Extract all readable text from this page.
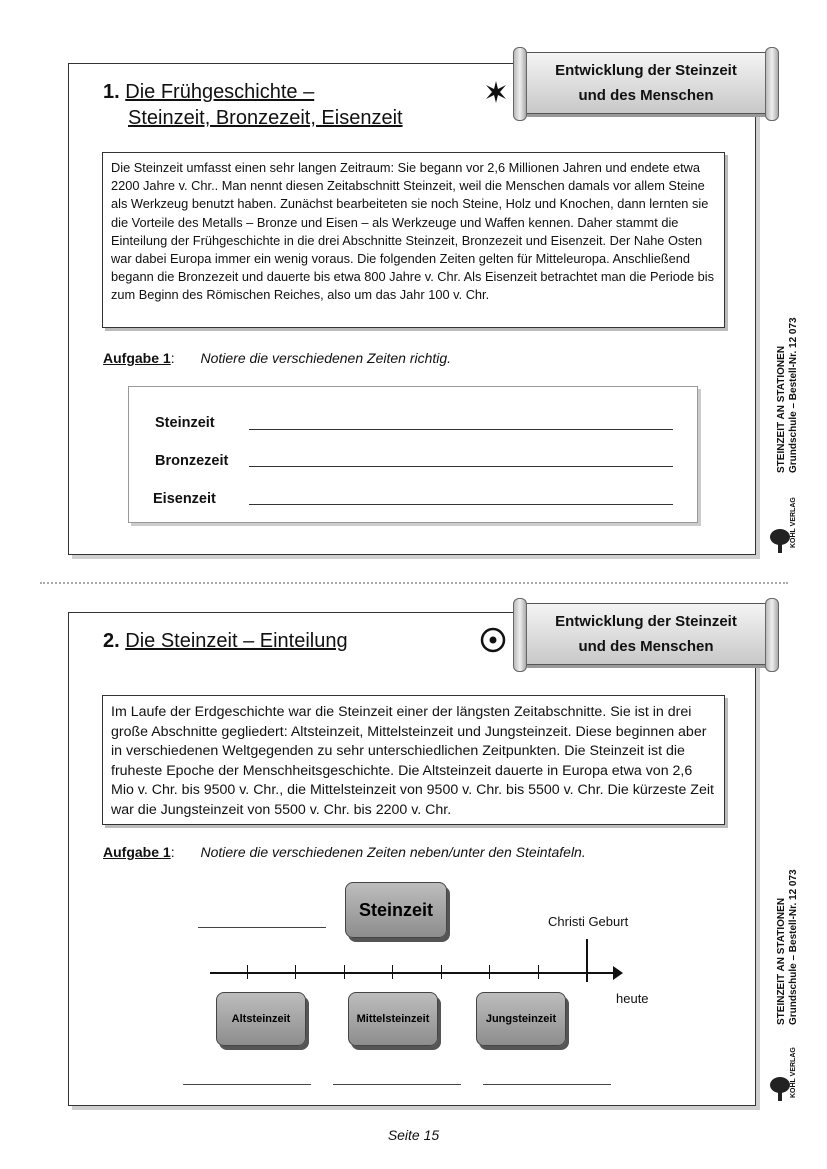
Entwicklung der Steinzeit
und des Menschen
1. Die Frühgeschichte –
Steinzeit, Bronzezeit, Eisenzeit
Die Steinzeit umfasst einen sehr langen Zeitraum: Sie begann vor 2,6 Millionen Jahren und endete etwa 2200 Jahre v. Chr.. Man nennt diesen Zeitabschnitt Steinzeit, weil die Menschen damals vor allem Steine als Werkzeug benutzt haben. Zunächst bearbeiteten sie noch Steine, Holz und Knochen, dann lernten sie die Vorteile des Metalls – Bronze und Eisen – als Werkzeuge und Waffen kennen. Daher stammt die Einteilung der Frühgeschichte in die drei Abschnitte Steinzeit, Bronzezeit und Eisenzeit. Der Nahe Osten war dabei Europa immer ein wenig voraus. Die folgenden Zeiten gelten für Mitteleuropa. Anschließend begann die Bronzezeit und dauerte bis etwa 800 Jahre v. Chr. Als Eisenzeit betrachtet man die Periode bis zum Beginn des Römischen Reiches, also um das Jahr 100 v. Chr.
Aufgabe 1: Notiere die verschiedenen Zeiten richtig.
Steinzeit
Bronzezeit
Eisenzeit
STEINZEIT AN STATIONEN Grundschule – Bestell-Nr. 12 073
KOHL VERLAG
Entwicklung der Steinzeit
und des Menschen
2. Die Steinzeit – Einteilung
Im Laufe der Erdgeschichte war die Steinzeit einer der längsten Zeitabschnitte. Sie ist in drei große Abschnitte gegliedert: Altsteinzeit, Mittelsteinzeit und Jungsteinzeit. Diese beginnen aber in verschiedenen Weltgegenden zu sehr unterschiedlichen Zeitpunkten. Die Steinzeit ist die fruheste Epoche der Menschheitsgeschichte. Die Altsteinzeit dauerte in Europa etwa von 2,6 Mio v. Chr. bis 9500 v. Chr., die Mittelsteinzeit von 9500 v. Chr. bis 5500 v. Chr. Die kürzeste Zeit war die Jungsteinzeit von 5500 v. Chr. bis 2200 v. Chr.
Aufgabe 1: Notiere die verschiedenen Zeiten neben/unter den Steintafeln.
Steinzeit
Christi Geburt
heute
Altsteinzeit	Mittelsteinzeit	Jungsteinzeit	STEINZEIT AN STATIONEN Grundschule – Bestell-Nr. 12 073
KOHL VERLAG
Seite 15
